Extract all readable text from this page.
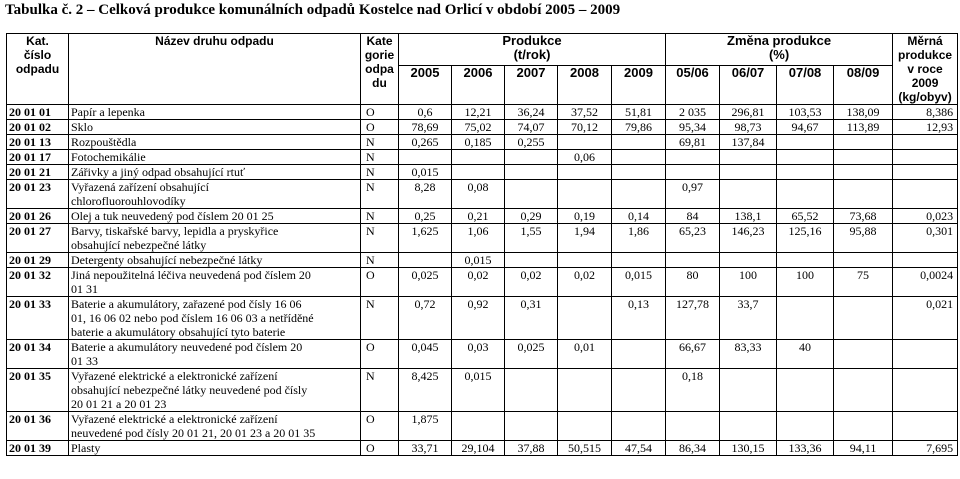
Tabulka č. 2 – Celková produkce komunálních odpadů Kostelce nad Orlicí v období 2005 – 2009
Kat.
číslo
odpadu	Název druhu odpadu	Kate
gorie
odpa
du	Produkce
(t/rok)					Změna produkce
(%)				Měrná
produkce
v roce
2009
(kg/obyv)
			2005	2006	2007	2008	2009	05/06	06/07	07/08	08/09	
20 01 01	Papír a lepenka	O	0,6	12,21	36,24	37,52	51,81	2 035	296,81	103,53	138,09	8,386
20 01 02	Sklo	O	78,69	75,02	74,07	70,12	79,86	95,34	98,73	94,67	113,89	12,93
20 01 13	Rozpouštědla	N	0,265	0,185	0,255			69,81	137,84			
20 01 17	Fotochemikálie	N				0,06						
20 01 21	Zářivky a jiný odpad obsahující rtuť	N	0,015									
20 01 23	Vyřazená zařízení obsahující
chlorofluorouhlovodíky	N	8,28	0,08				0,97				
20 01 26	Olej a tuk neuvedený pod číslem 20 01 25	N	0,25	0,21	0,29	0,19	0,14	84	138,1	65,52	73,68	0,023
20 01 27	Barvy, tiskařské barvy, lepidla a pryskyřice
obsahující nebezpečné látky	N	1,625	1,06	1,55	1,94	1,86	65,23	146,23	125,16	95,88	0,301
20 01 29	Detergenty obsahující nebezpečné látky	N		0,015								
20 01 32	Jiná nepoužitelná léčiva neuvedená pod číslem 20
01 31	O	0,025	0,02	0,02	0,02	0,015	80	100	100	75	0,0024
20 01 33	Baterie a akumulátory, zařazené pod čísly 16 06
01, 16 06 02 nebo pod číslem 16 06 03 a netříděné
baterie a akumulátory obsahující tyto baterie	N	0,72	0,92	0,31		0,13	127,78	33,7			0,021
20 01 34	Baterie a akumulátory neuvedené pod číslem 20
01 33	O	0,045	0,03	0,025	0,01		66,67	83,33	40		
20 01 35	Vyřazené elektrické a elektronické zařízení
obsahující nebezpečné látky neuvedené pod čísly
20 01 21 a 20 01 23	N	8,425	0,015				0,18				
20 01 36	Vyřazené elektrické a elektronické zařízení
neuvedené pod čísly 20 01 21, 20 01 23 a 20 01 35	O	1,875									
20 01 39	Plasty	O	33,71	29,104	37,88	50,515	47,54	86,34	130,15	133,36	94,11	7,695
